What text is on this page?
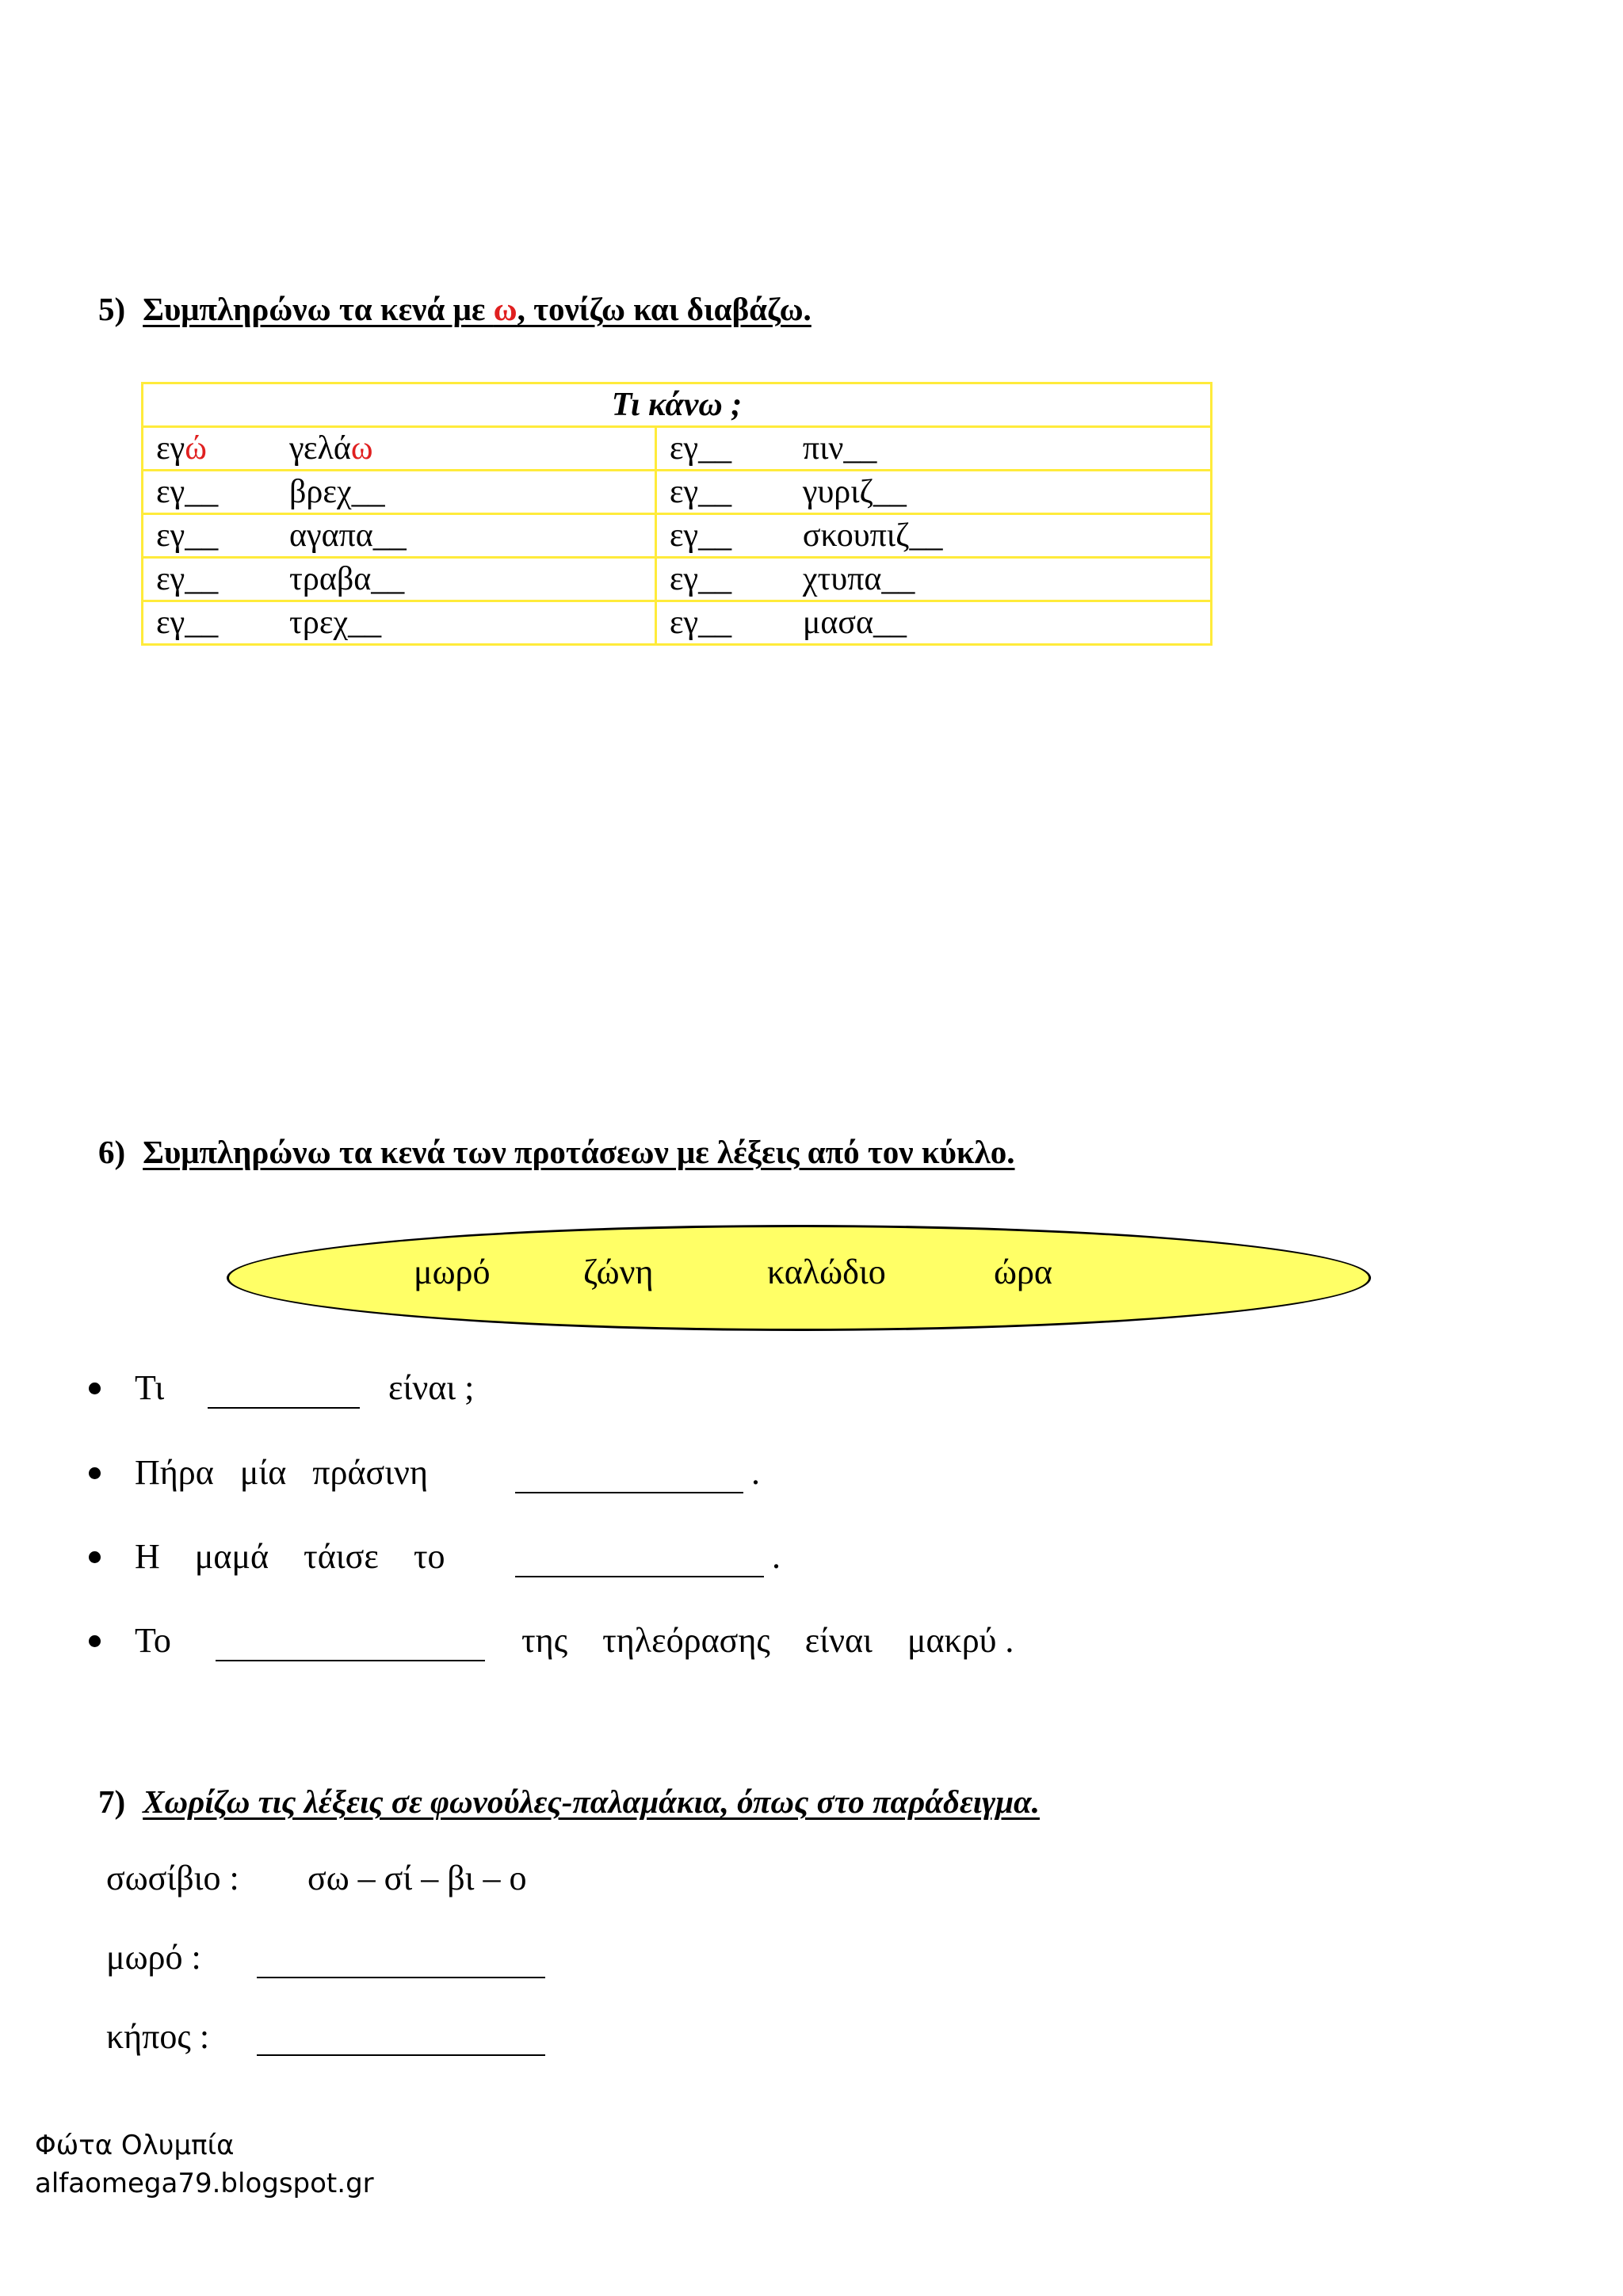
5) Συμπληρώνω τα κενά με ω, τονίζω και διαβάζω.
Τι κάνω ;	
εγώ γελάω	εγ__ πιν__
εγ__ βρεχ__	εγ__ γυριζ__
εγ__ αγαπα__	εγ__ σκουπιζ__
εγ__ τραβα__	εγ__ χτυπα__
εγ__ τρεχ__	εγ__ μασα__
6) Συμπληρώνω τα κενά των προτάσεων με λέξεις από τον κύκλο.
μωρό	ζώνη	καλώδιο	ώρα
Τι	είναι ;
Πήρα   μία   πράσινη	.
Η    μαμά    τάισε    το	.
Το	της    τηλεόρασης    είναι    μακρύ .
7) Χωρίζω τις λέξεις σε φωνούλες-παλαμάκια, όπως στο παράδειγμα.
σωσίβιο : σω – σί – βι – ο
μωρό :
κήπος :
Φώτα Ολυμπία
alfaomega79.blogspot.gr
